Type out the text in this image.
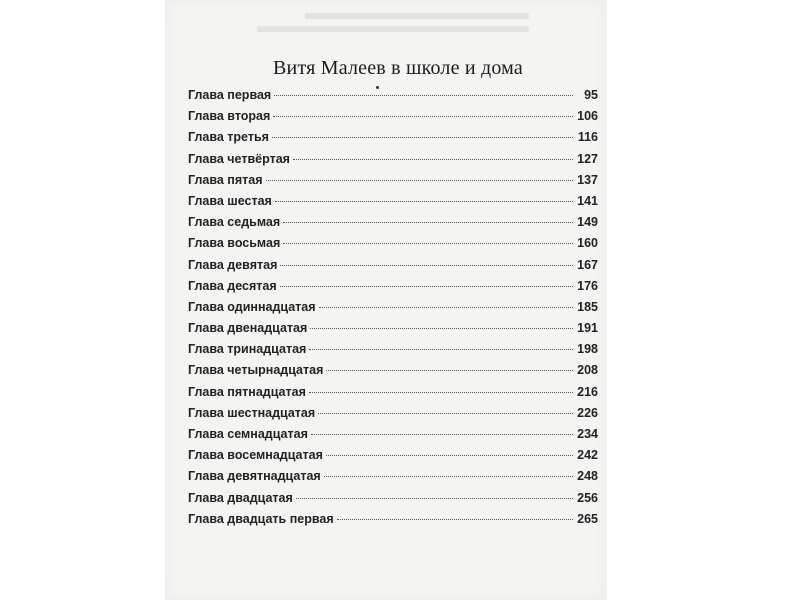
Витя Малеев в школе и дома
Глава первая	95
Глава вторая	106
Глава третья	116
Глава четвёртая	127
Глава пятая	137
Глава шестая	141
Глава седьмая	149
Глава восьмая	160
Глава девятая	167
Глава десятая	176
Глава одиннадцатая	185
Глава двенадцатая	191
Глава тринадцатая	198
Глава четырнадцатая	208
Глава пятнадцатая	216
Глава шестнадцатая	226
Глава семнадцатая	234
Глава восемнадцатая	242
Глава девятнадцатая	248
Глава двадцатая	256
Глава двадцать первая	265
